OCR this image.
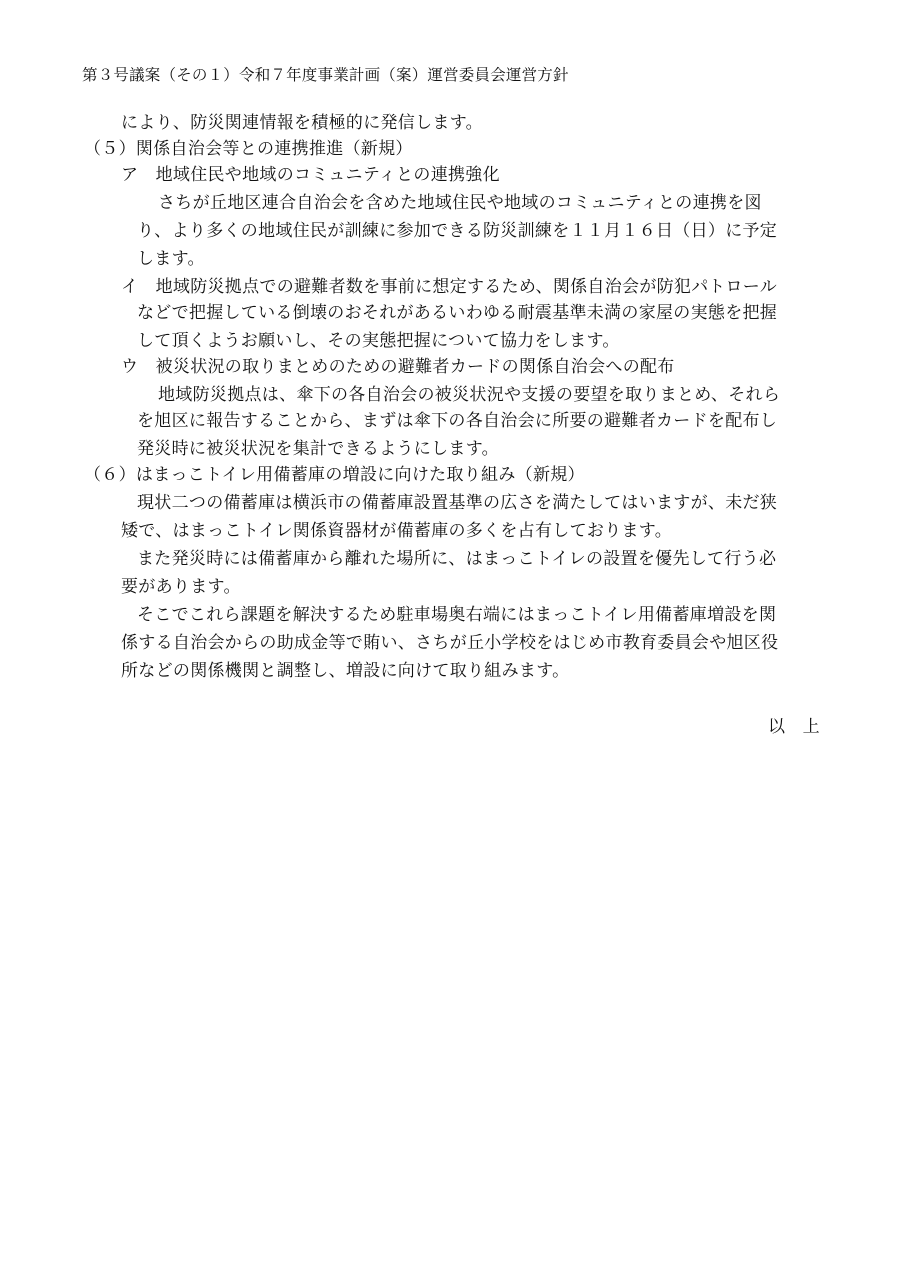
第３号議案（その１）令和７年度事業計画（案）運営委員会運営方針
により、防災関連情報を積極的に発信します。
（５）関係自治会等との連携推進（新規）
ア　地域住民や地域のコミュニティとの連携強化
さちが丘地区連合自治会を含めた地域住民や地域のコミュニティとの連携を図
り、より多くの地域住民が訓練に参加できる防災訓練を１１月１６日（日）に予定
します。
イ　地域防災拠点での避難者数を事前に想定するため、関係自治会が防犯パトロール
などで把握している倒壊のおそれがあるいわゆる耐震基準未満の家屋の実態を把握
して頂くようお願いし、その実態把握について協力をします。
ウ　被災状況の取りまとめのための避難者カードの関係自治会への配布
地域防災拠点は、傘下の各自治会の被災状況や支援の要望を取りまとめ、それら
を旭区に報告することから、まずは傘下の各自治会に所要の避難者カードを配布し
発災時に被災状況を集計できるようにします。
（６）はまっこトイレ用備蓄庫の増設に向けた取り組み（新規）
現状二つの備蓄庫は横浜市の備蓄庫設置基準の広さを満たしてはいますが、未だ狭
矮で、はまっこトイレ関係資器材が備蓄庫の多くを占有しております。
また発災時には備蓄庫から離れた場所に、はまっこトイレの設置を優先して行う必
要があります。
そこでこれら課題を解決するため駐車場奥右端にはまっこトイレ用備蓄庫増設を関
係する自治会からの助成金等で賄い、さちが丘小学校をはじめ市教育委員会や旭区役
所などの関係機関と調整し、増設に向けて取り組みます。
以　上
